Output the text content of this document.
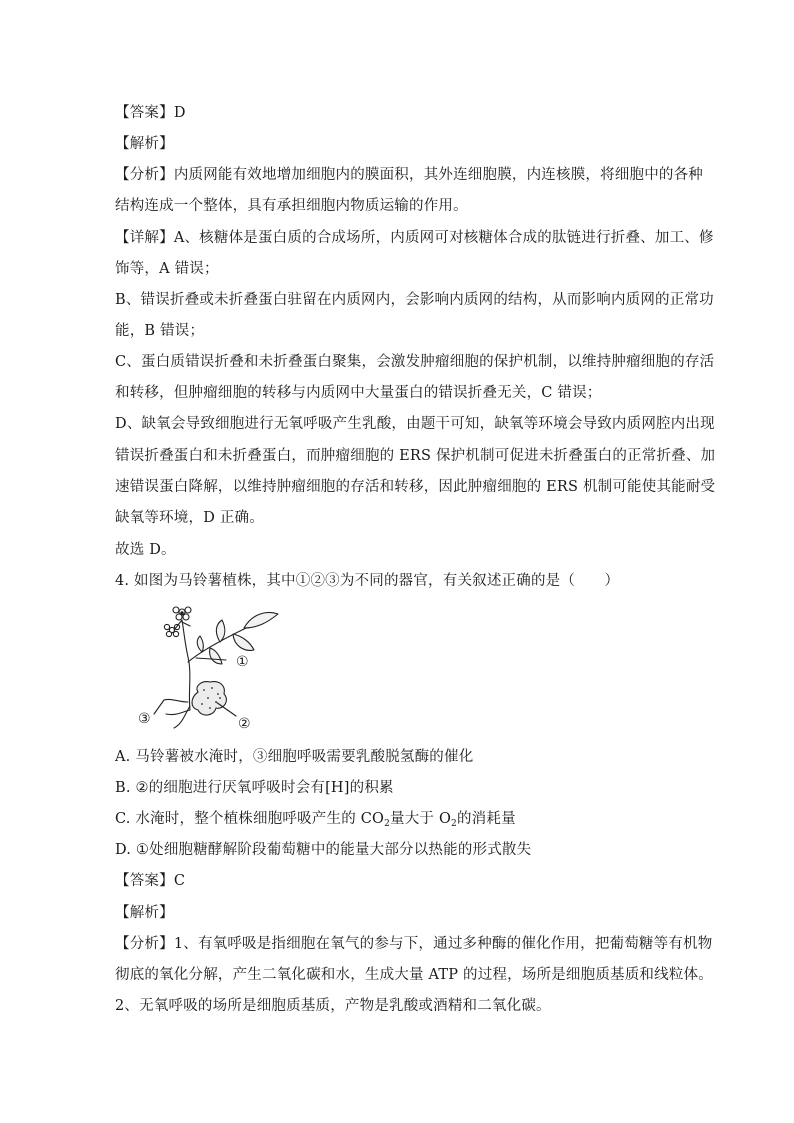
【答案】D
【解析】
【分析】内质网能有效地增加细胞内的膜面积，其外连细胞膜，内连核膜，将细胞中的各种
结构连成一个整体，具有承担细胞内物质运输的作用。
【详解】A、核糖体是蛋白质的合成场所，内质网可对核糖体合成的肽链进行折叠、加工、修
饰等，A 错误；
B、错误折叠或未折叠蛋白驻留在内质网内，会影响内质网的结构，从而影响内质网的正常功
能，B 错误；
C、蛋白质错误折叠和未折叠蛋白聚集，会激发肿瘤细胞的保护机制，以维持肿瘤细胞的存活
和转移，但肿瘤细胞的转移与内质网中大量蛋白的错误折叠无关，C 错误；
D、缺氧会导致细胞进行无氧呼吸产生乳酸，由题干可知，缺氧等环境会导致内质网腔内出现
错误折叠蛋白和未折叠蛋白，而肿瘤细胞的 ERS 保护机制可促进未折叠蛋白的正常折叠、加
速错误蛋白降解，以维持肿瘤细胞的存活和转移，因此肿瘤细胞的 ERS 机制可能使其能耐受
缺氧等环境，D 正确。
故选 D。
4. 如图为马铃薯植株，其中①②③为不同的器官，有关叙述正确的是（　　）
①
②
③
A. 马铃薯被水淹时，③细胞呼吸需要乳酸脱氢酶的催化
B. ②的细胞进行厌氧呼吸时会有[H]的积累
C. 水淹时，整个植株细胞呼吸产生的 $CO_2$量大于 $O_2$的消耗量
D. ①处细胞糖酵解阶段葡萄糖中的能量大部分以热能的形式散失
【答案】C
【解析】
【分析】1、有氧呼吸是指细胞在氧气的参与下，通过多种酶的催化作用，把葡萄糖等有机物
彻底的氧化分解，产生二氧化碳和水，生成大量 ATP 的过程，场所是细胞质基质和线粒体。
2、无氧呼吸的场所是细胞质基质，产物是乳酸或酒精和二氧化碳。
